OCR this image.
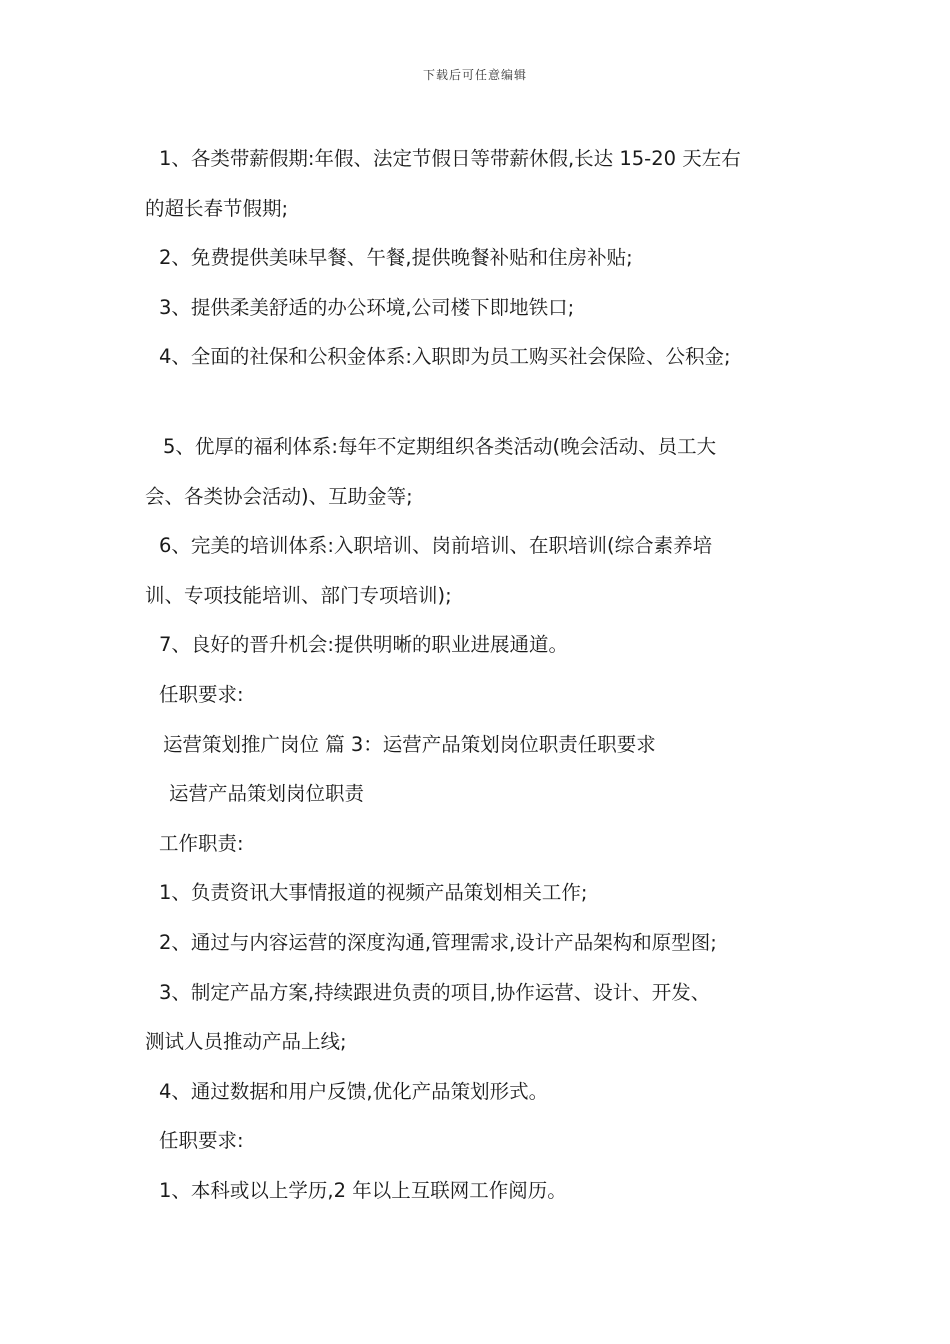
下载后可任意编辑
1、各类带薪假期:年假、法定节假日等带薪休假,长达 15-20 天左右
的超长春节假期;
2、免费提供美味早餐、午餐,提供晚餐补贴和住房补贴;
3、提供柔美舒适的办公环境,公司楼下即地铁口;
4、全面的社保和公积金体系:入职即为员工购买社会保险、公积金;
5、优厚的福利体系:每年不定期组织各类活动(晚会活动、员工大
会、各类协会活动)、互助金等;
6、完美的培训体系:入职培训、岗前培训、在职培训(综合素养培
训、专项技能培训、部门专项培训);
7、良好的晋升机会:提供明晰的职业进展通道。
任职要求:
运营策划推广岗位 篇 3：运营产品策划岗位职责任职要求
运营产品策划岗位职责
工作职责:
1、负责资讯大事情报道的视频产品策划相关工作;
2、通过与内容运营的深度沟通,管理需求,设计产品架构和原型图;
3、制定产品方案,持续跟进负责的项目,协作运营、设计、开发、
测试人员推动产品上线;
4、通过数据和用户反馈,优化产品策划形式。
任职要求:
1、本科或以上学历,2 年以上互联网工作阅历。
